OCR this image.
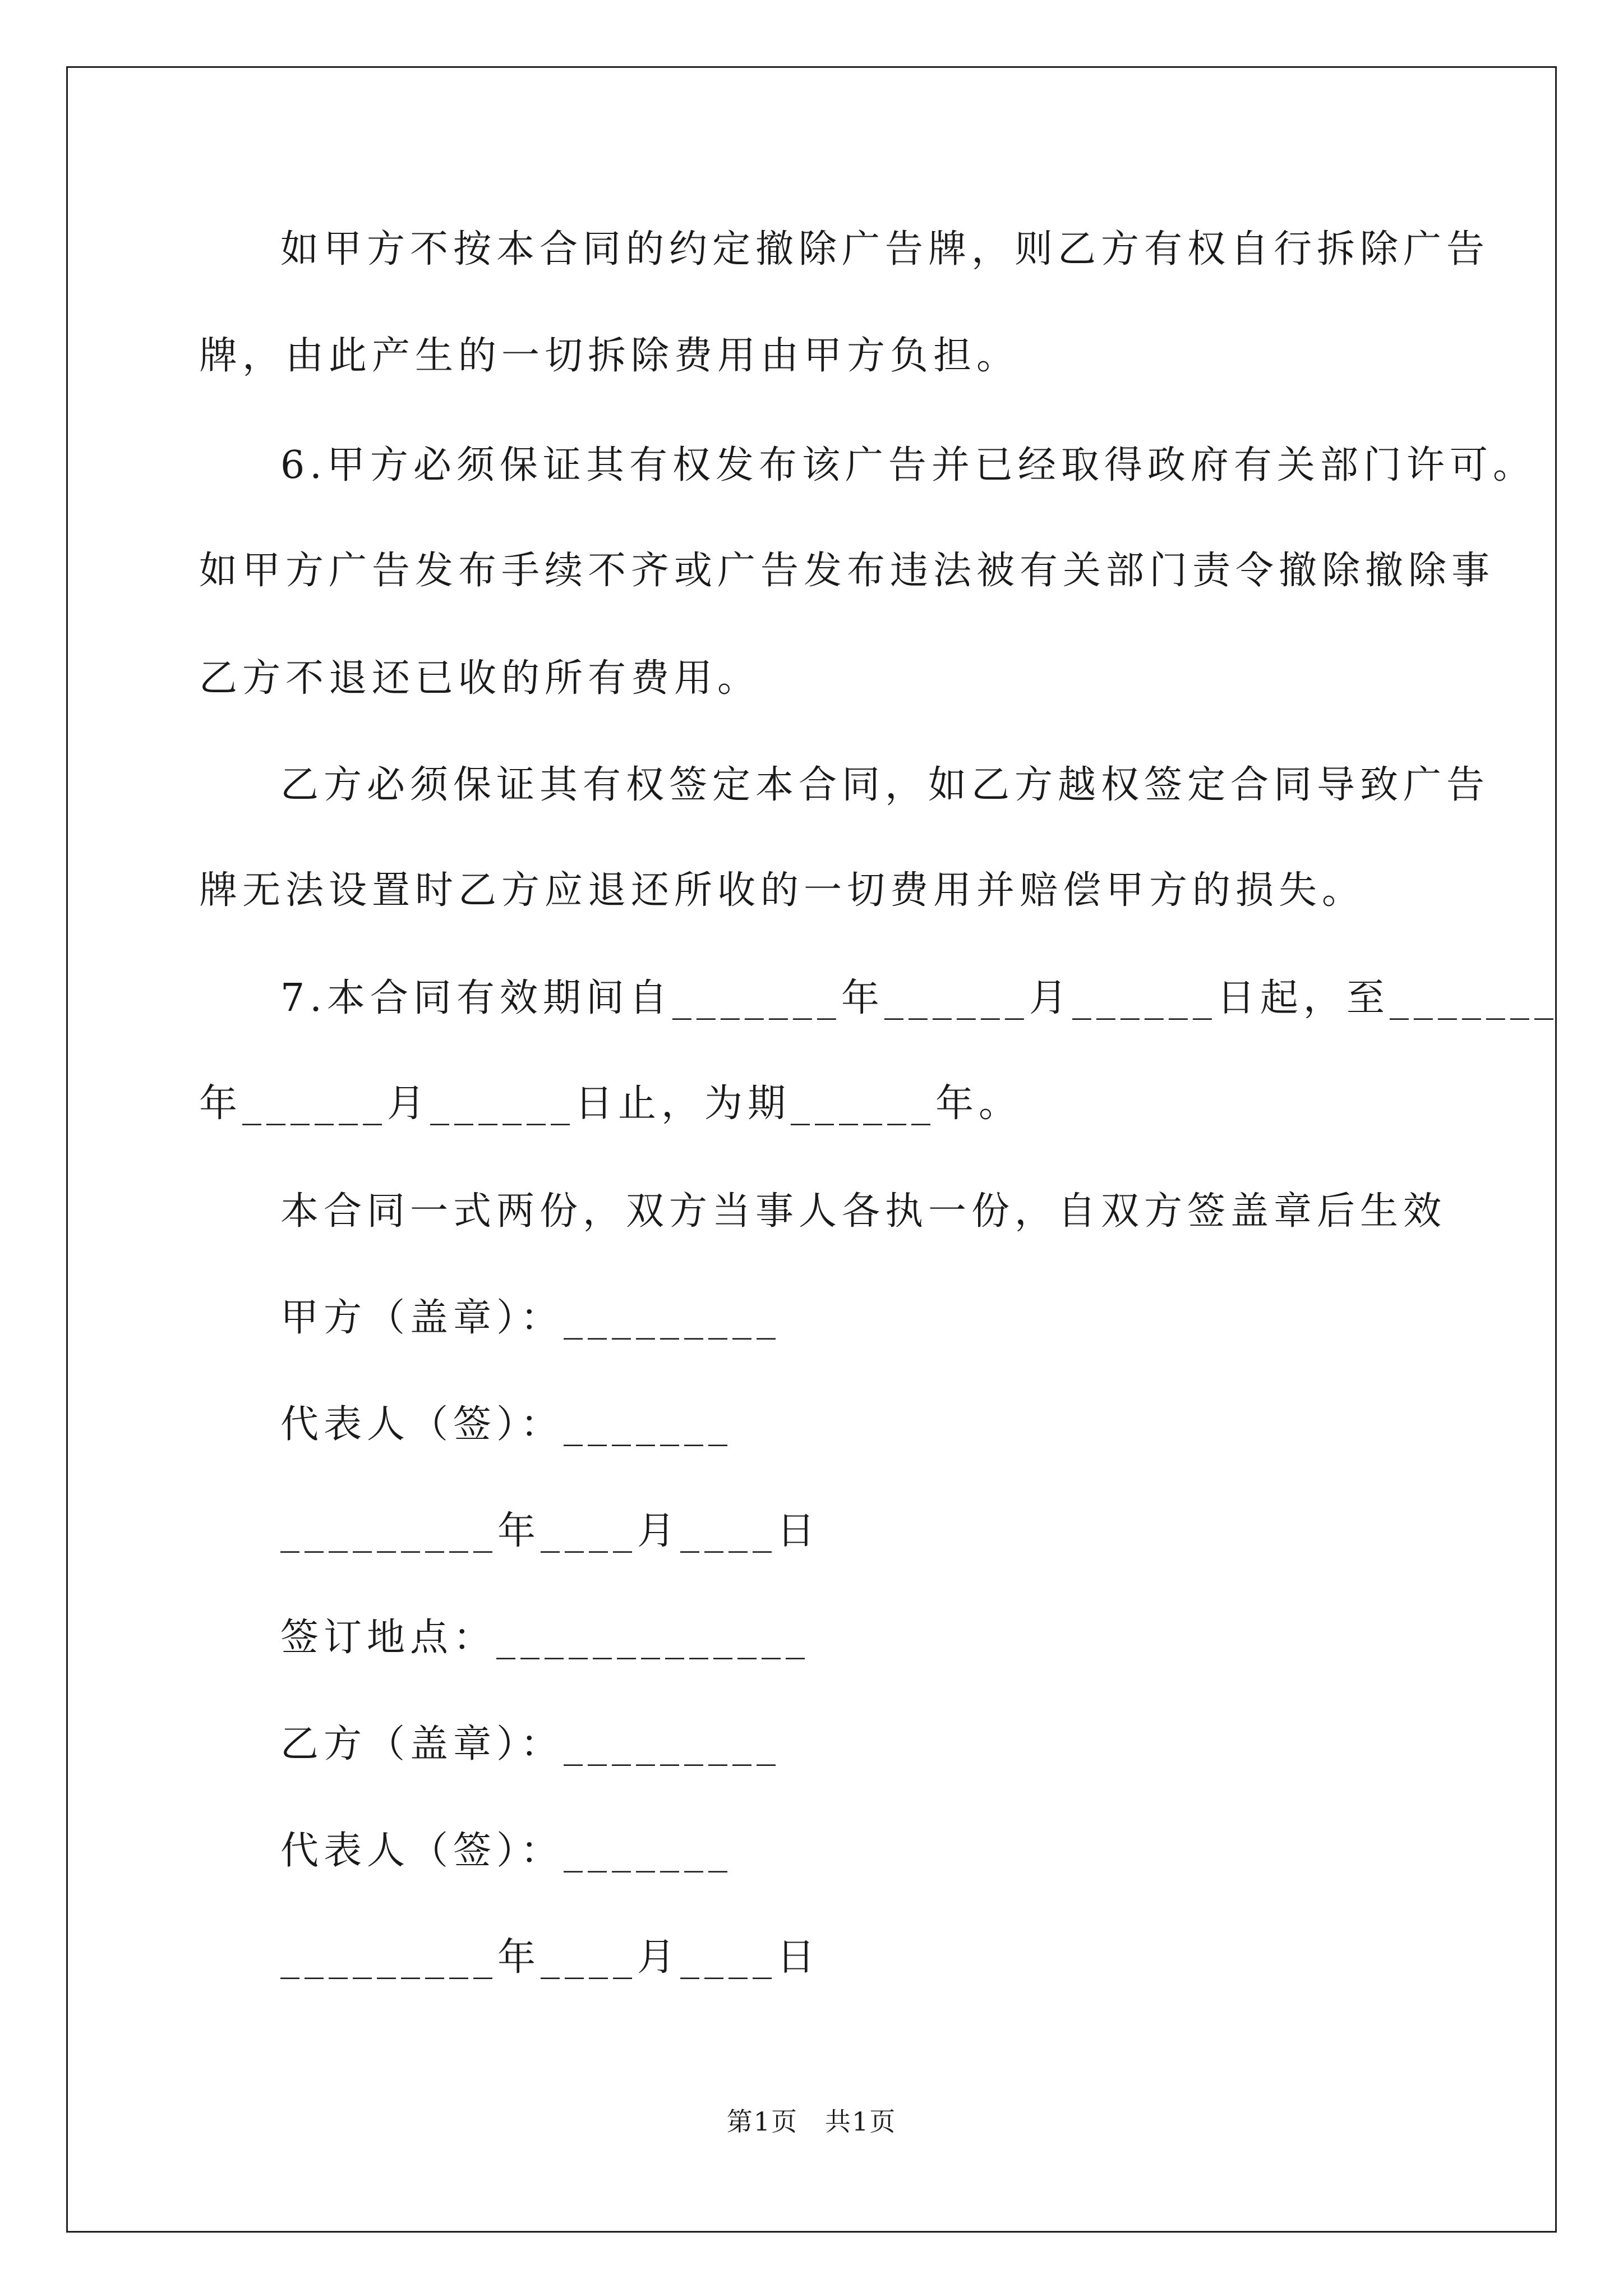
如甲方不按本合同的约定撤除广告牌，则乙方有权自行拆除广告
牌，由此产生的一切拆除费用由甲方负担。
6.甲方必须保证其有权发布该广告并已经取得政府有关部门许可。
如甲方广告发布手续不齐或广告发布违法被有关部门责令撤除撤除事
乙方不退还已收的所有费用。
乙方必须保证其有权签定本合同，如乙方越权签定合同导致广告
牌无法设置时乙方应退还所收的一切费用并赔偿甲方的损失。
7.本合同有效期间自_______年______月______日起，至_______
年______月______日止，为期______年。
本合同一式两份，双方当事人各执一份，自双方签盖章后生效
甲方（盖章）：_________
代表人（签）：_______
_________年____月____日
签订地点：_____________
乙方（盖章）：_________
代表人（签）：_______
_________年____月____日
第1页　共1页
